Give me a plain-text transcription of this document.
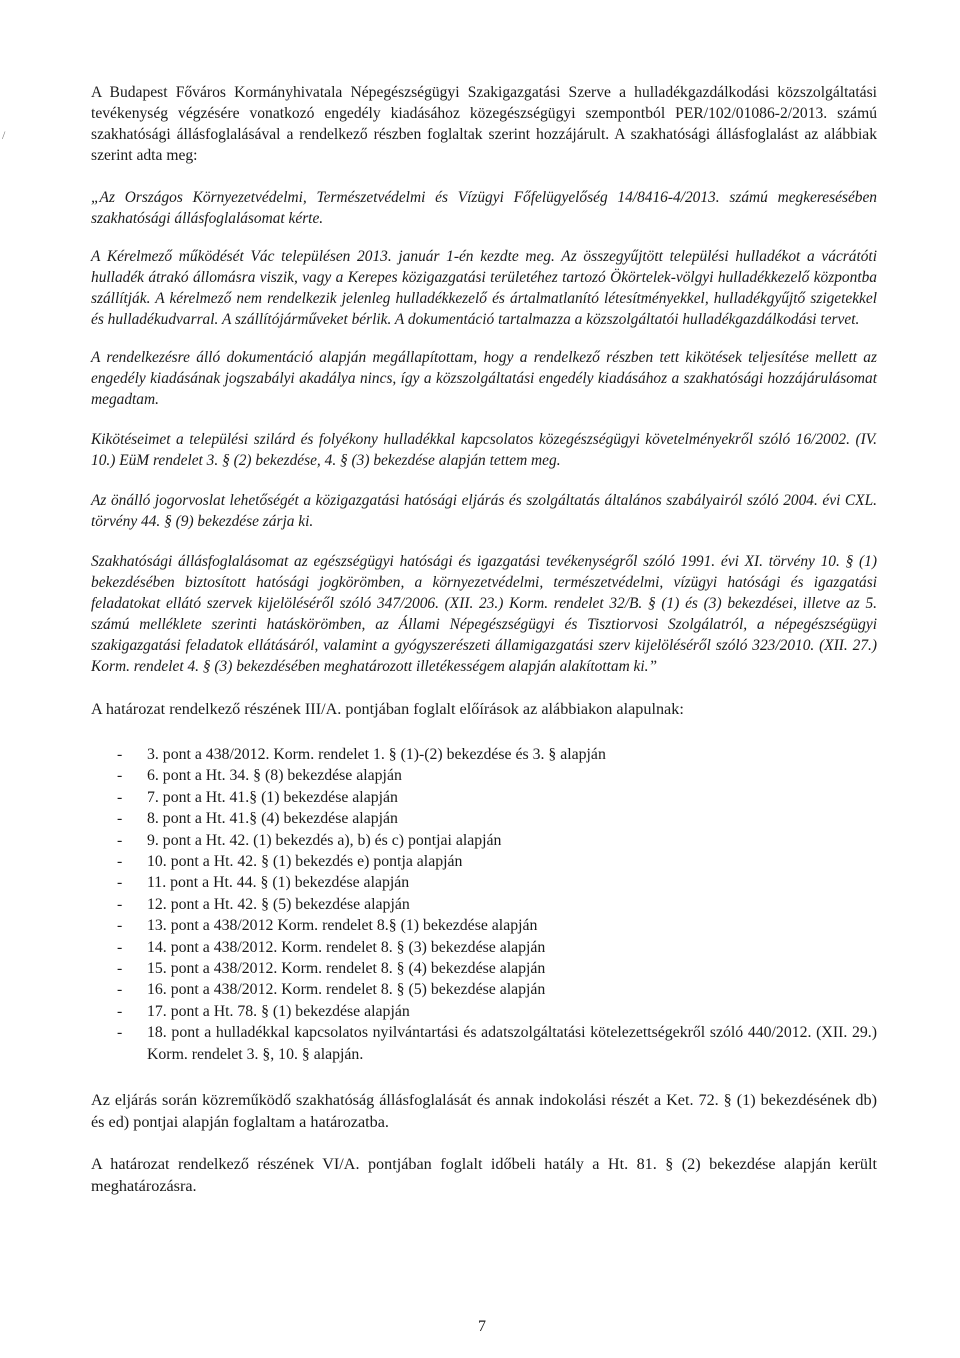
/

A Budapest Főváros Kormányhivatala Népegészségügyi Szakigazgatási Szerve a hulladékgazdálkodási közszolgáltatási tevékenység végzésére vonatkozó engedély kiadásához közegészségügyi szempontból PER/102/01086-2/2013. számú szakhatósági állásfoglalásával a rendelkező részben foglaltak szerint hozzájárult. A szakhatósági állásfoglalást az alábbiak szerint adta meg:

„Az Országos Környezetvédelmi, Természetvédelmi és Vízügyi Főfelügyelőség 14/8416-4/2013. számú megkeresésében szakhatósági állásfoglalásomat kérte.

A Kérelmező működését Vác településen 2013. január 1-én kezdte meg. Az összegyűjtött települési hulladékot a vácrátóti hulladék átrakó állomásra viszik, vagy a Kerepes közigazgatási területéhez tartozó Ökörtelek-völgyi hulladékkezelő központba szállítják. A kérelmező nem rendelkezik jelenleg hulladékkezelő és ártalmatlanító létesítményekkel, hulladékgyűjtő szigetekkel és hulladékudvarral. A szállítójárműveket bérlik. A dokumentáció tartalmazza a közszolgáltatói hulladékgazdálkodási tervet.

A rendelkezésre álló dokumentáció alapján megállapítottam, hogy a rendelkező részben tett kikötések teljesítése mellett az engedély kiadásának jogszabályi akadálya nincs, így a közszolgáltatási engedély kiadásához a szakhatósági hozzájárulásomat megadtam.

Kikötéseimet a települési szilárd és folyékony hulladékkal kapcsolatos közegészségügyi követelményekről szóló 16/2002. (IV. 10.) EüM rendelet 3. § (2) bekezdése, 4. § (3) bekezdése alapján tettem meg.

Az önálló jogorvoslat lehetőségét a közigazgatási hatósági eljárás és szolgáltatás általános szabályairól szóló 2004. évi CXL. törvény 44. § (9) bekezdése zárja ki.

Szakhatósági állásfoglalásomat az egészségügyi hatósági és igazgatási tevékenységről szóló 1991. évi XI. törvény 10. § (1) bekezdésében biztosított hatósági jogkörömben, a környezetvédelmi, természetvédelmi, vízügyi hatósági és igazgatási feladatokat ellátó szervek kijelöléséről szóló 347/2006. (XII. 23.) Korm. rendelet 32/B. § (1) és (3) bekezdései, illetve az 5. számú melléklete szerinti hatáskörömben, az Állami Népegészségügyi és Tisztiorvosi Szolgálatról, a népegészségügyi szakigazgatási feladatok ellátásáról, valamint a gyógyszerészeti államigazgatási szerv kijelöléséről szóló 323/2010. (XII. 27.) Korm. rendelet 4. § (3) bekezdésében meghatározott illetékességem alapján alakítottam ki.”

A határozat rendelkező részének III/A. pontjában foglalt előírások az alábbiakon alapulnak:

- 3. pont a 438/2012. Korm. rendelet 1. § (1)-(2) bekezdése és 3. § alapján
- 6. pont a Ht. 34. § (8) bekezdése alapján
- 7. pont a Ht. 41.§ (1) bekezdése alapján
- 8. pont a Ht. 41.§ (4) bekezdése alapján
- 9. pont a Ht. 42. (1) bekezdés a), b) és c) pontjai alapján
- 10. pont a Ht. 42. § (1) bekezdés e) pontja alapján
- 11. pont a Ht. 44. § (1) bekezdése alapján
- 12. pont a Ht. 42. § (5) bekezdése alapján
- 13. pont a 438/2012 Korm. rendelet 8.§ (1) bekezdése alapján
- 14. pont a 438/2012. Korm. rendelet 8. § (3) bekezdése alapján
- 15. pont a 438/2012. Korm. rendelet 8. § (4) bekezdése alapján
- 16. pont a 438/2012. Korm. rendelet 8. § (5) bekezdése alapján
- 17. pont a Ht. 78. § (1) bekezdése alapján
- 18. pont a hulladékkal kapcsolatos nyilvántartási és adatszolgáltatási kötelezettségekről szóló 440/2012. (XII. 29.) Korm. rendelet 3. §, 10. § alapján.

Az eljárás során közreműködő szakhatóság állásfoglalását és annak indokolási részét a Ket. 72. § (1) bekezdésének db) és ed) pontjai alapján foglaltam a határozatba.

A határozat rendelkező részének VI/A. pontjában foglalt időbeli hatály a Ht. 81. § (2) bekezdése alapján került meghatározásra.

7
